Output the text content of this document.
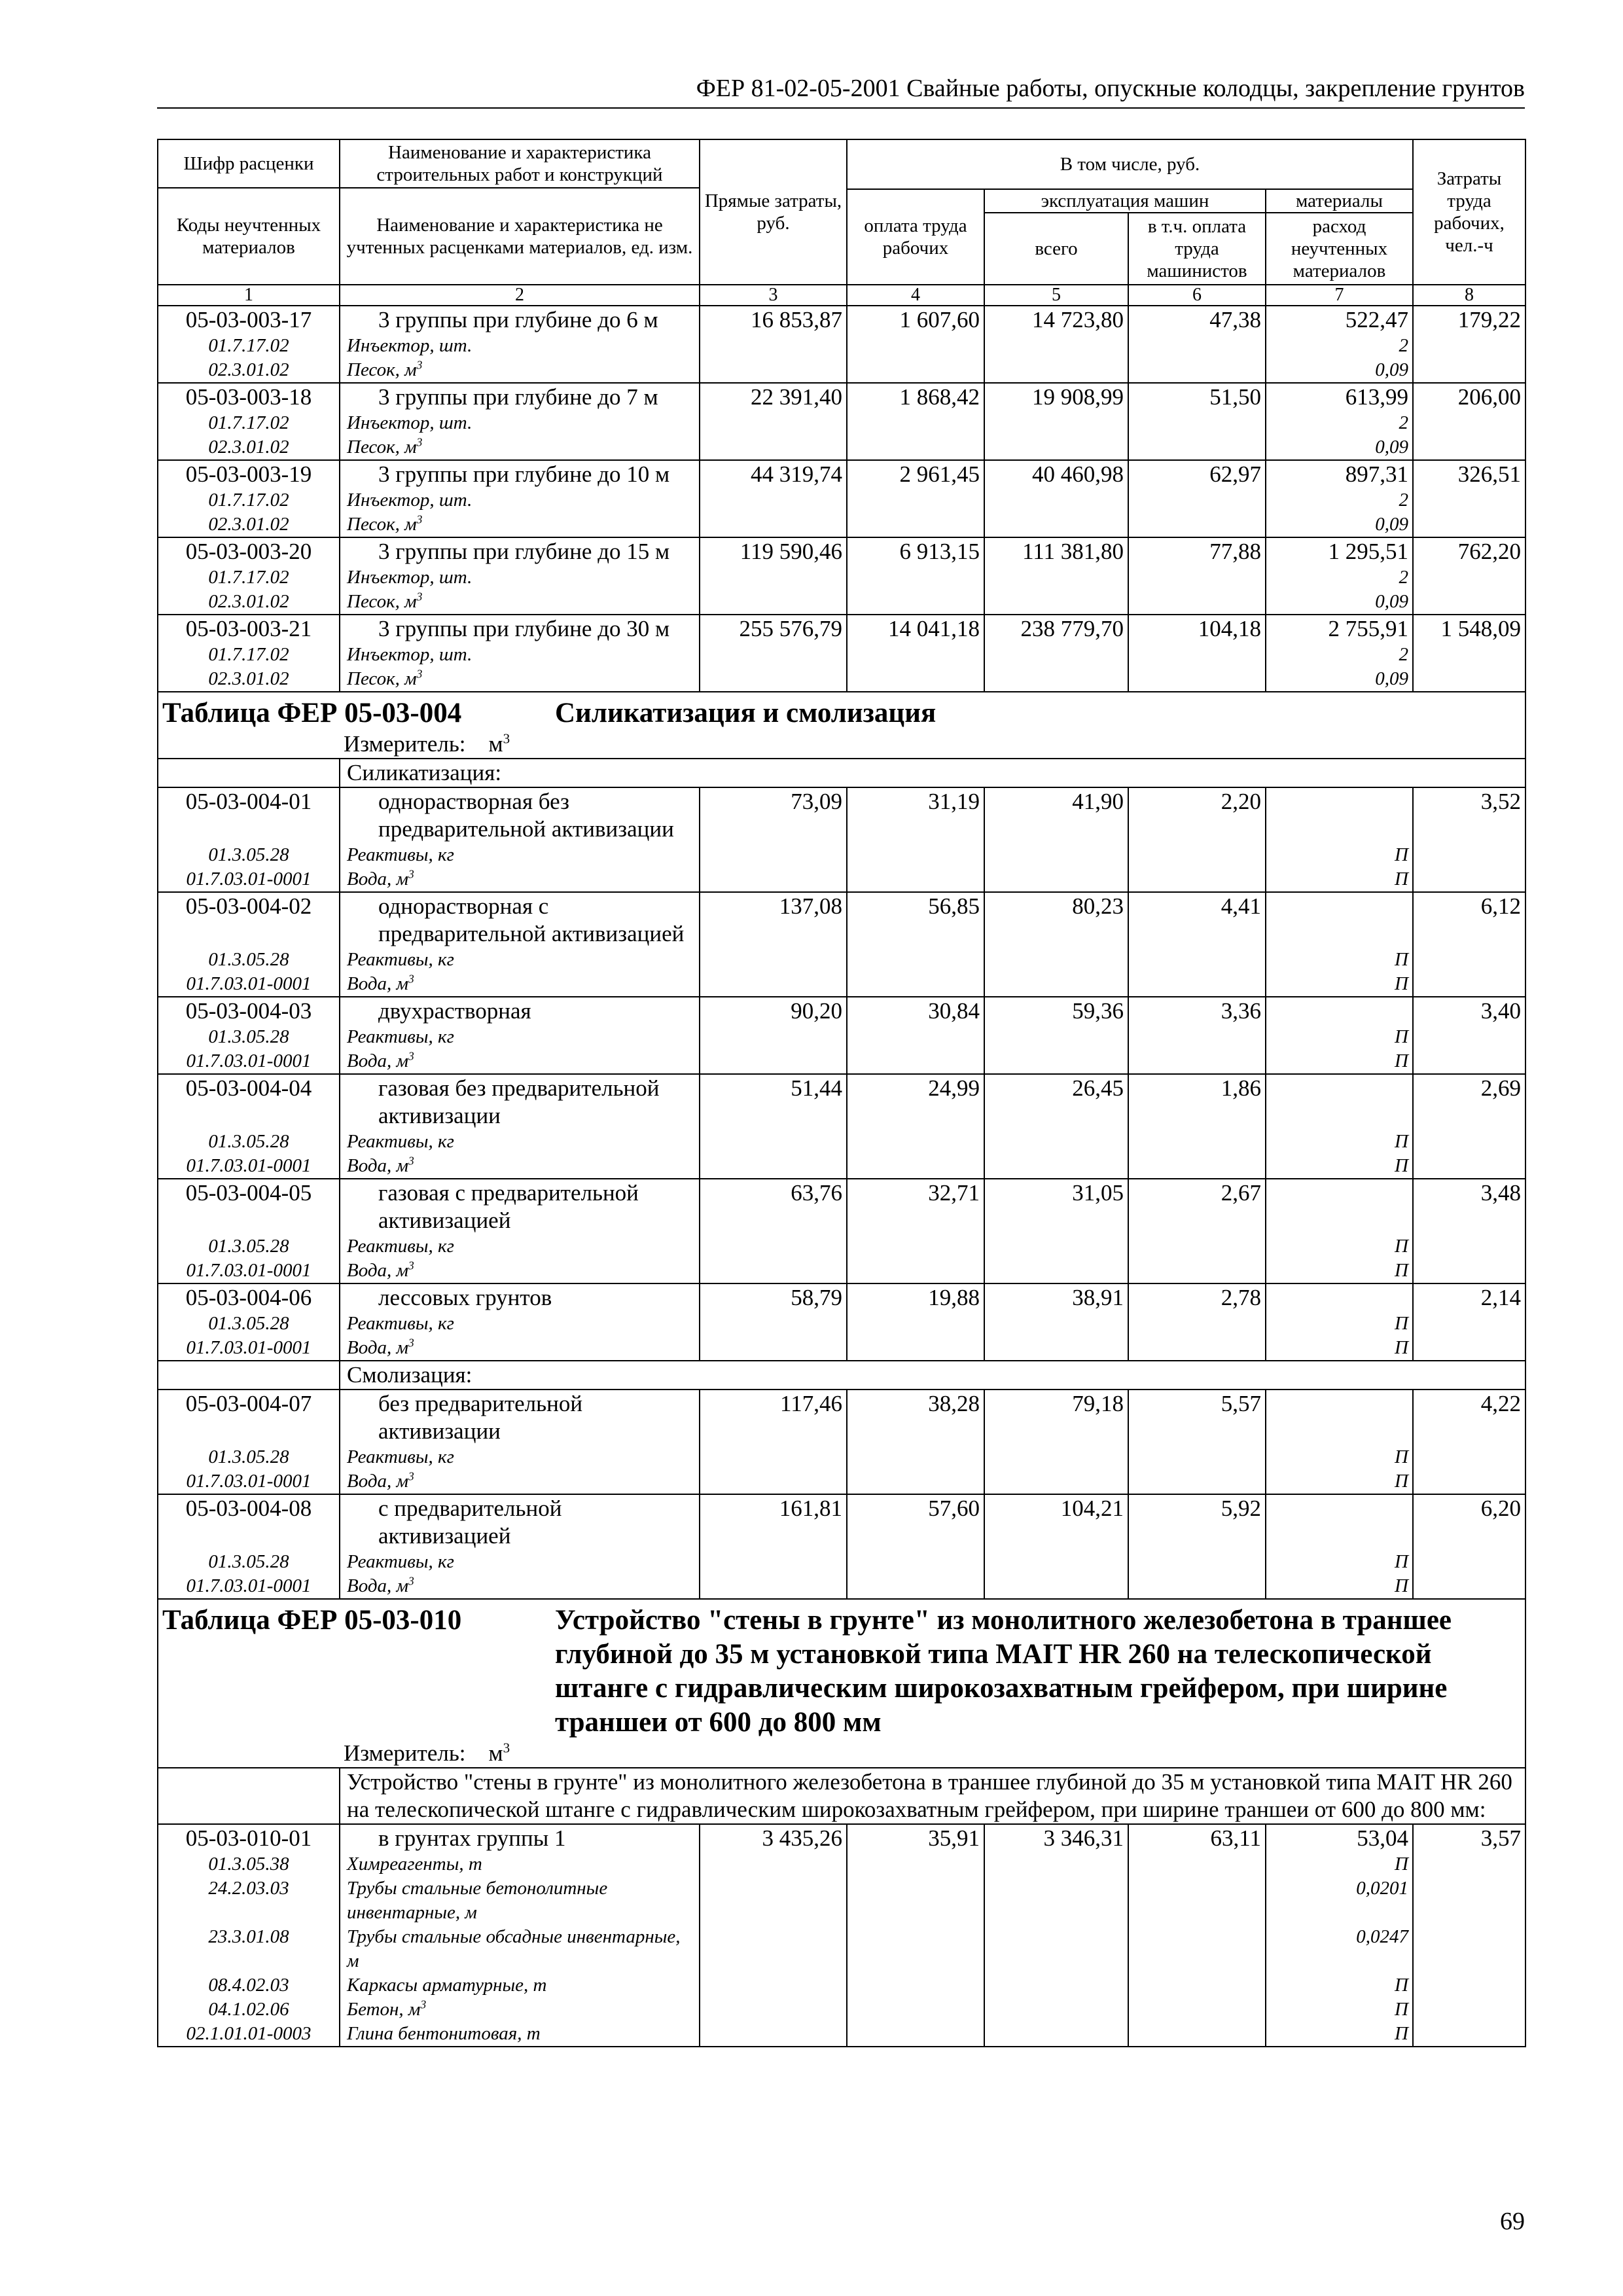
ФЕР 81-02-05-2001 Свайные работы, опускные колодцы, закрепление грунтов
Шифр расценки	Наименование и характеристика строительных работ и конструкций	Прямые затраты, руб.	В том числе, руб.				Затраты труда рабочих, чел.-ч
Коды неучтенных материалов	Наименование и характеристика не учтенных расценками материалов, ед. изм.						
			оплата труда рабочих	эксплуатация машин		материалы	
				всего	в т.ч. оплата труда машинистов	расход неучтенных материалов	
1	2	3	4	5	6	7	8
05-03-003-17	3 группы при глубине до 6 м	16 853,87	1 607,60	14 723,80	47,38	522,47	179,22
01.7.17.02	Инъектор, шт.					2	
02.3.01.02	Песок, $м^3$					0,09	
05-03-003-18	3 группы при глубине до 7 м	22 391,40	1 868,42	19 908,99	51,50	613,99	206,00
01.7.17.02	Инъектор, шт.					2	
02.3.01.02	Песок, $м^3$					0,09	
05-03-003-19	3 группы при глубине до 10 м	44 319,74	2 961,45	40 460,98	62,97	897,31	326,51
01.7.17.02	Инъектор, шт.					2	
02.3.01.02	Песок, $м^3$					0,09	
05-03-003-20	3 группы при глубине до 15 м	119 590,46	6 913,15	111 381,80	77,88	1 295,51	762,20
01.7.17.02	Инъектор, шт.					2	
02.3.01.02	Песок, $м^3$					0,09	
05-03-003-21	3 группы при глубине до 30 м	255 576,79	14 041,18	238 779,70	104,18	2 755,91	1 548,09
01.7.17.02	Инъектор, шт.					2	
02.3.01.02	Песок, $м^3$					0,09	
Таблица ФЕР 05-03-004 Силикатизация и смолизация							
	Измеритель: $м^3$
	Силикатизация:						
05-03-004-01	однорастворная без предварительной активизации	73,09	31,19	41,90	2,20		3,52
01.3.05.28	Реактивы, кг					П	
01.7.03.01-0001	Вода, $м^3$					П	
05-03-004-02	однорастворная с предварительной активизацией	137,08	56,85	80,23	4,41		6,12
01.3.05.28	Реактивы, кг					П	
01.7.03.01-0001	Вода, $м^3$					П	
05-03-004-03	двухрастворная	90,20	30,84	59,36	3,36		3,40
01.3.05.28	Реактивы, кг					П	
01.7.03.01-0001	Вода, $м^3$					П	
05-03-004-04	газовая без предварительной активизации	51,44	24,99	26,45	1,86		2,69
01.3.05.28	Реактивы, кг					П	
01.7.03.01-0001	Вода, $м^3$					П	
05-03-004-05	газовая с предварительной активизацией	63,76	32,71	31,05	2,67		3,48
01.3.05.28	Реактивы, кг					П	
01.7.03.01-0001	Вода, $м^3$					П	
05-03-004-06	лессовых грунтов	58,79	19,88	38,91	2,78		2,14
01.3.05.28	Реактивы, кг					П	
01.7.03.01-0001	Вода, $м^3$					П	
	Смолизация:						
05-03-004-07	без предварительной активизации	117,46	38,28	79,18	5,57		4,22
01.3.05.28	Реактивы, кг					П	
01.7.03.01-0001	Вода, $м^3$					П	
05-03-004-08	с предварительной активизацией	161,81	57,60	104,21	5,92		6,20
01.3.05.28	Реактивы, кг					П	
01.7.03.01-0001	Вода, $м^3$					П	
Таблица ФЕР 05-03-010 Устройство "стены в грунте" из монолитного железобетона в траншее глубиной до 35 м установкой типа MAIT HR 260 на телескопической штанге с гидравлическим широкозахватным грейфером, при ширине траншеи от 600 до 800 мм							
	Измеритель: $м^3$
	Устройство "стены в грунте" из монолитного железобетона в траншее глубиной до 35 м установкой типа MAIT HR 260 на телескопической штанге с гидравлическим широкозахватным грейфером, при ширине траншеи от 600 до 800 мм:						
05-03-010-01	в грунтах группы 1	3 435,26	35,91	3 346,31	63,11	53,04	3,57
01.3.05.38	Химреагенты, т					П	
24.2.03.03	Трубы стальные бетонолитные инвентарные, м					0,0201	
23.3.01.08	Трубы стальные обсадные инвентарные, м					0,0247	
08.4.02.03	Каркасы арматурные, т					П	
04.1.02.06	Бетон, $м^3$					П	
02.1.01.01-0003	Глина бентонитовая, т					П	
69
